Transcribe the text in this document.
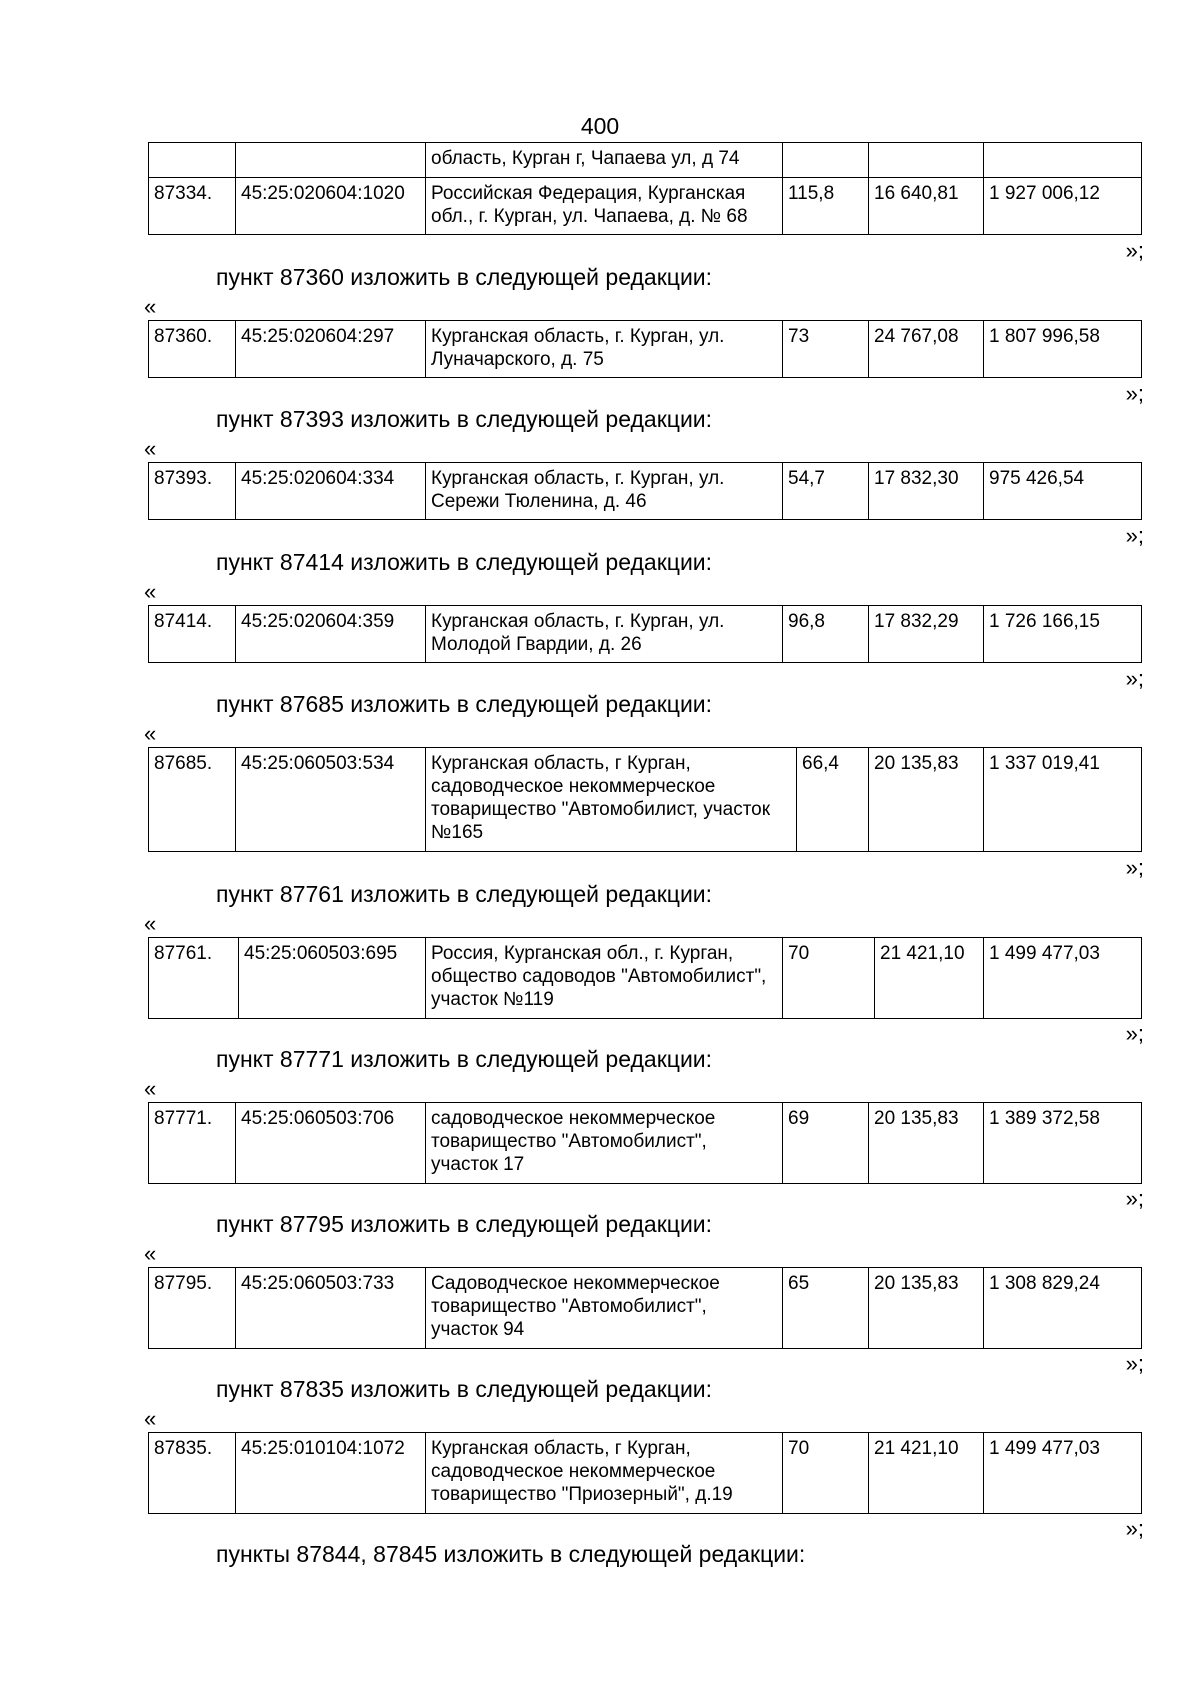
400
		область, Курган г, Чапаева ул, д 74			
87334.	45:25:020604:1020	Российская Федерация, Курганская обл., г. Курган, ул. Чапаева, д. № 68	115,8	16 640,81	1 927 006,12
»;
пункт 87360 изложить в следующей редакции:
«
87360.	45:25:020604:297	Курганская область, г. Курган, ул. Луначарского, д. 75	73	24 767,08	1 807 996,58
»;
пункт 87393 изложить в следующей редакции:
«
87393.	45:25:020604:334	Курганская область, г. Курган, ул. Сережи Тюленина, д. 46	54,7	17 832,30	975 426,54
»;
пункт 87414 изложить в следующей редакции:
«
87414.	45:25:020604:359	Курганская область, г. Курган, ул. Молодой Гвардии, д. 26	96,8	17 832,29	1 726 166,15
»;
пункт 87685 изложить в следующей редакции:
«
87685.	45:25:060503:534	Курганская область, г Курган, садоводческое некоммерческое товарищество "Автомобилист, участок №165	66,4	20 135,83	1 337 019,41
»;
пункт 87761 изложить в следующей редакции:
«
87761.	45:25:060503:695	Россия, Курганская обл., г. Курган, общество садоводов "Автомобилист", участок №119	70	21 421,10	1 499 477,03
»;
пункт 87771 изложить в следующей редакции:
«
87771.	45:25:060503:706	садоводческое некоммерческое товарищество "Автомобилист", участок 17	69	20 135,83	1 389 372,58
»;
пункт 87795 изложить в следующей редакции:
«
87795.	45:25:060503:733	Садоводческое некоммерческое товарищество "Автомобилист", участок 94	65	20 135,83	1 308 829,24
»;
пункт 87835 изложить в следующей редакции:
«
87835.	45:25:010104:1072	Курганская область, г Курган, садоводческое некоммерческое товарищество "Приозерный", д.19	70	21 421,10	1 499 477,03
»;
пункты 87844, 87845 изложить в следующей редакции:
